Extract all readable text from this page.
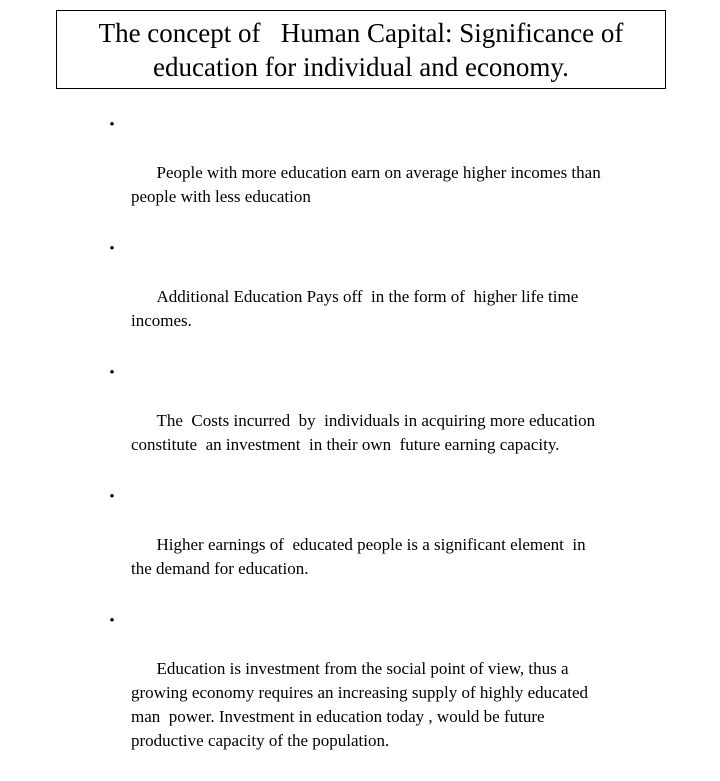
The concept of   Human Capital: Significance of education for individual and economy.

•

People with more education earn on average higher incomes than people with less education

•

Additional Education Pays off  in the form of  higher life time incomes.

•

The  Costs incurred  by  individuals in acquiring more education constitute  an investment  in their own  future earning capacity.

•

Higher earnings of  educated people is a significant element  in the demand for education.

•

Education is investment from the social point of view, thus a growing economy requires an increasing supply of highly educated  man  power. Investment in education today , would be future productive capacity of the population.
